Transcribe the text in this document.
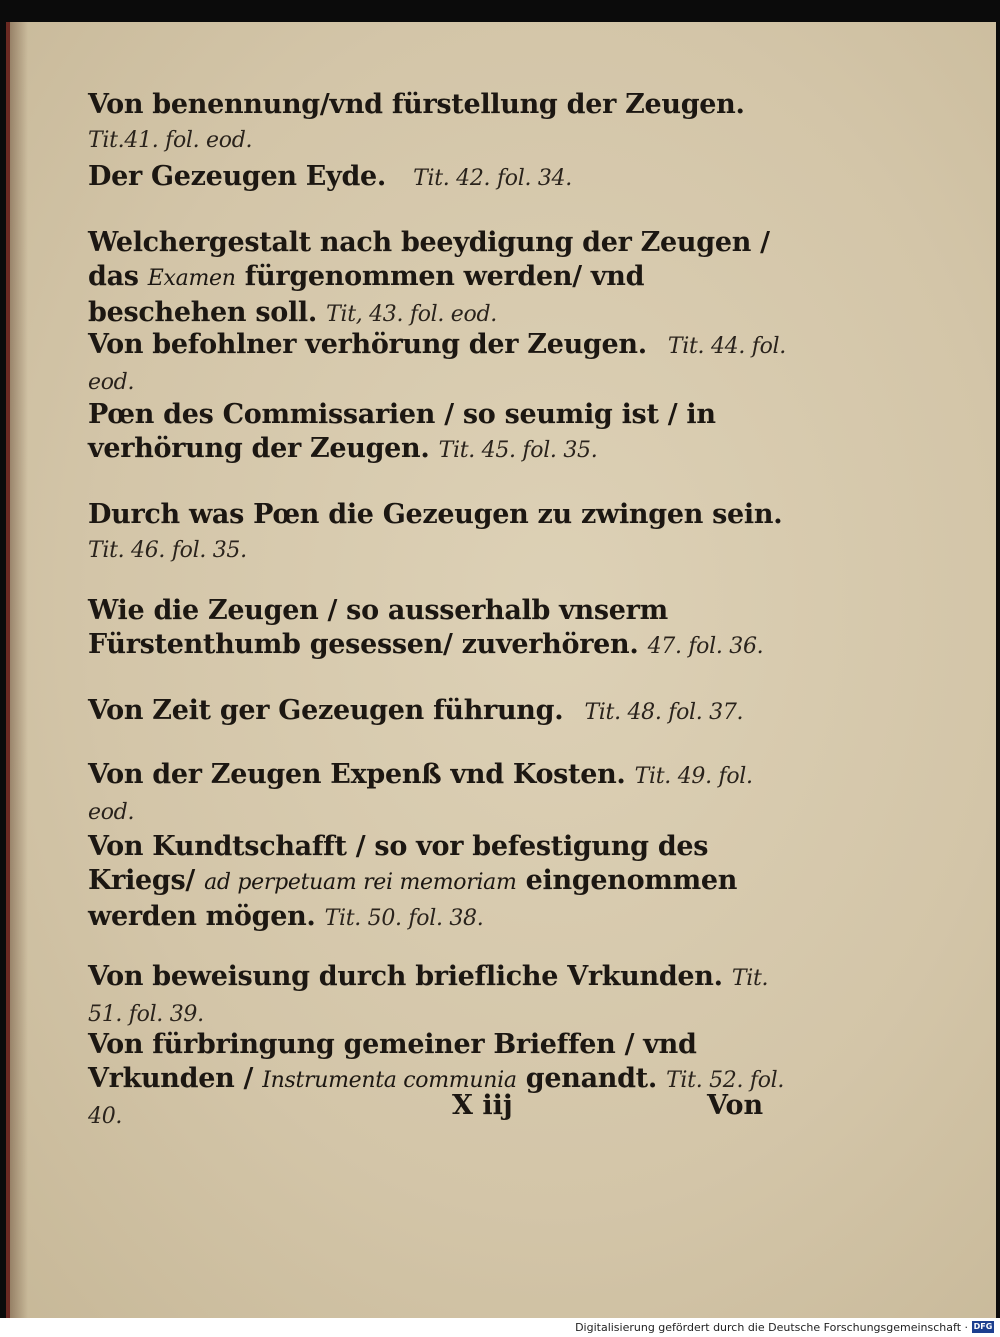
Von benennung/vnd fürstellung der Zeugen. Tit.41. fol. eod.
Der Gezeugen Eyde. Tit. 42. fol. 34.
Welchergestalt nach beeydigung der Zeugen / das Examen fürgenommen werden/ vnd beschehen soll. Tit, 43. fol. eod.
Von befohlner verhörung der Zeugen. Tit. 44. fol. eod.
Pœn des Commissarien / so seumig ist / in verhörung der Zeugen. Tit. 45. fol. 35.
Durch was Pœn die Gezeugen zu zwingen sein. Tit. 46. fol. 35.
Wie die Zeugen / so ausserhalb vnserm Fürstenthumb gesessen/ zuverhören. 47. fol. 36.
Von Zeit ger Gezeugen führung. Tit. 48. fol. 37.
Von der Zeugen Expenß vnd Kosten. Tit. 49. fol. eod.
Von Kundtschafft / so vor befestigung des Kriegs/ ad perpetuam rei memoriam eingenommen werden mögen. Tit. 50. fol. 38.
Von beweisung durch briefliche Vrkunden. Tit. 51. fol. 39.
Von fürbringung gemeiner Brieffen / vnd Vrkunden / Instrumenta communia genandt. Tit. 52. fol. 40.	X iij	Von
Digitalisierung gefördert durch die Deutsche Forschungsgemeinschaft · DFG
